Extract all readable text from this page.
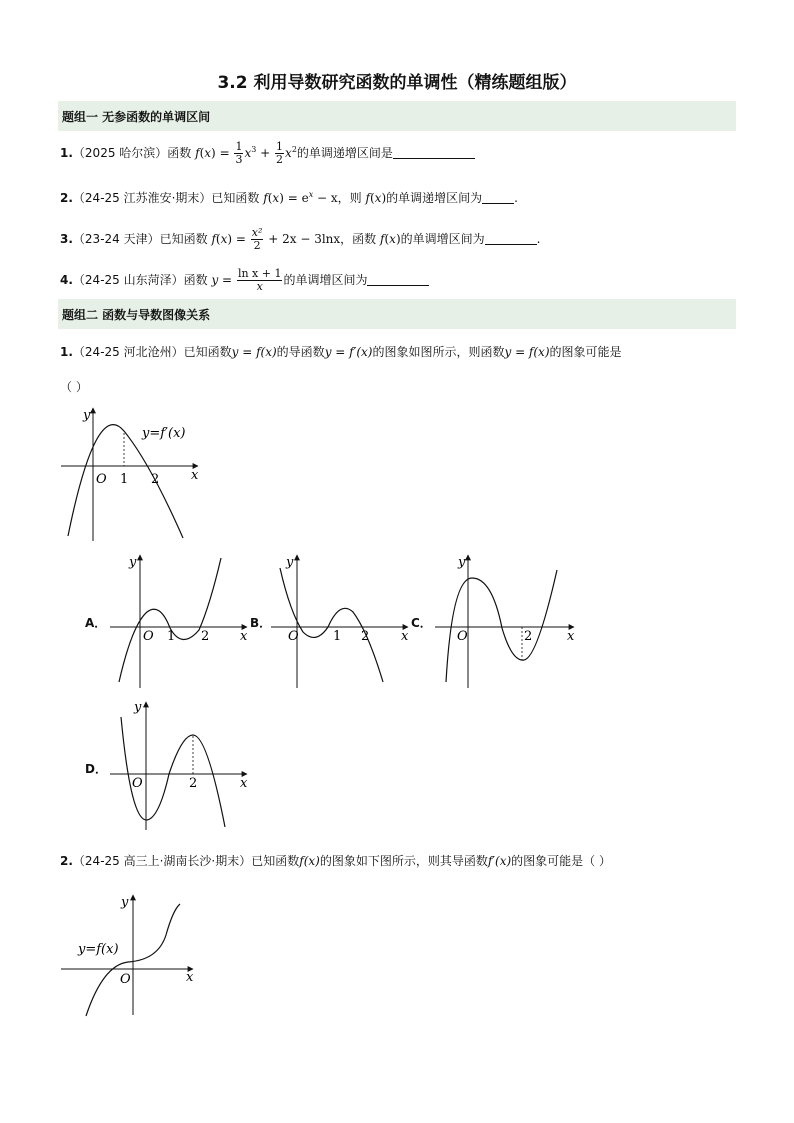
3.2 利用导数研究函数的单调性（精练题组版）
题组一 无参函数的单调区间
1.（2025 哈尔滨）函数 $f(x) = \frac{1}{3} x^3 + \frac{1}{2} x^2$的单调递增区间是
2.（24-25 江苏淮安·期末）已知函数 $f(x) = e^x - x$，则 f(x)的单调递增区间为	.
3.（23-24 天津）已知函数 $f(x) = \frac{\text{x²}}{2} + 2x - 3\ln x$，函数 f(x)的单调增区间为	.
4.（24-25 山东菏泽）函数 $y = \frac{\text{ln x + 1}}{x}$ 的单调增区间为
题组二 函数与导数图像关系
1.（24-25 河北沧州）已知函数y = f(x)的导函数y = f′(x)的图象如图所示，则函数y = f(x)的图象可能是
（ ）
y
x
O 1 2
y=f′(x)
A．
y
x
O 1 2
B．
y
x
O	1 2
C．
y
x
O	2
D．
y
x
O	2
2.（24-25 高三上·湖南长沙·期末）已知函数f(x)的图象如下图所示，则其导函数f′(x)的图象可能是（ ）
y
x
O
y=f(x)
